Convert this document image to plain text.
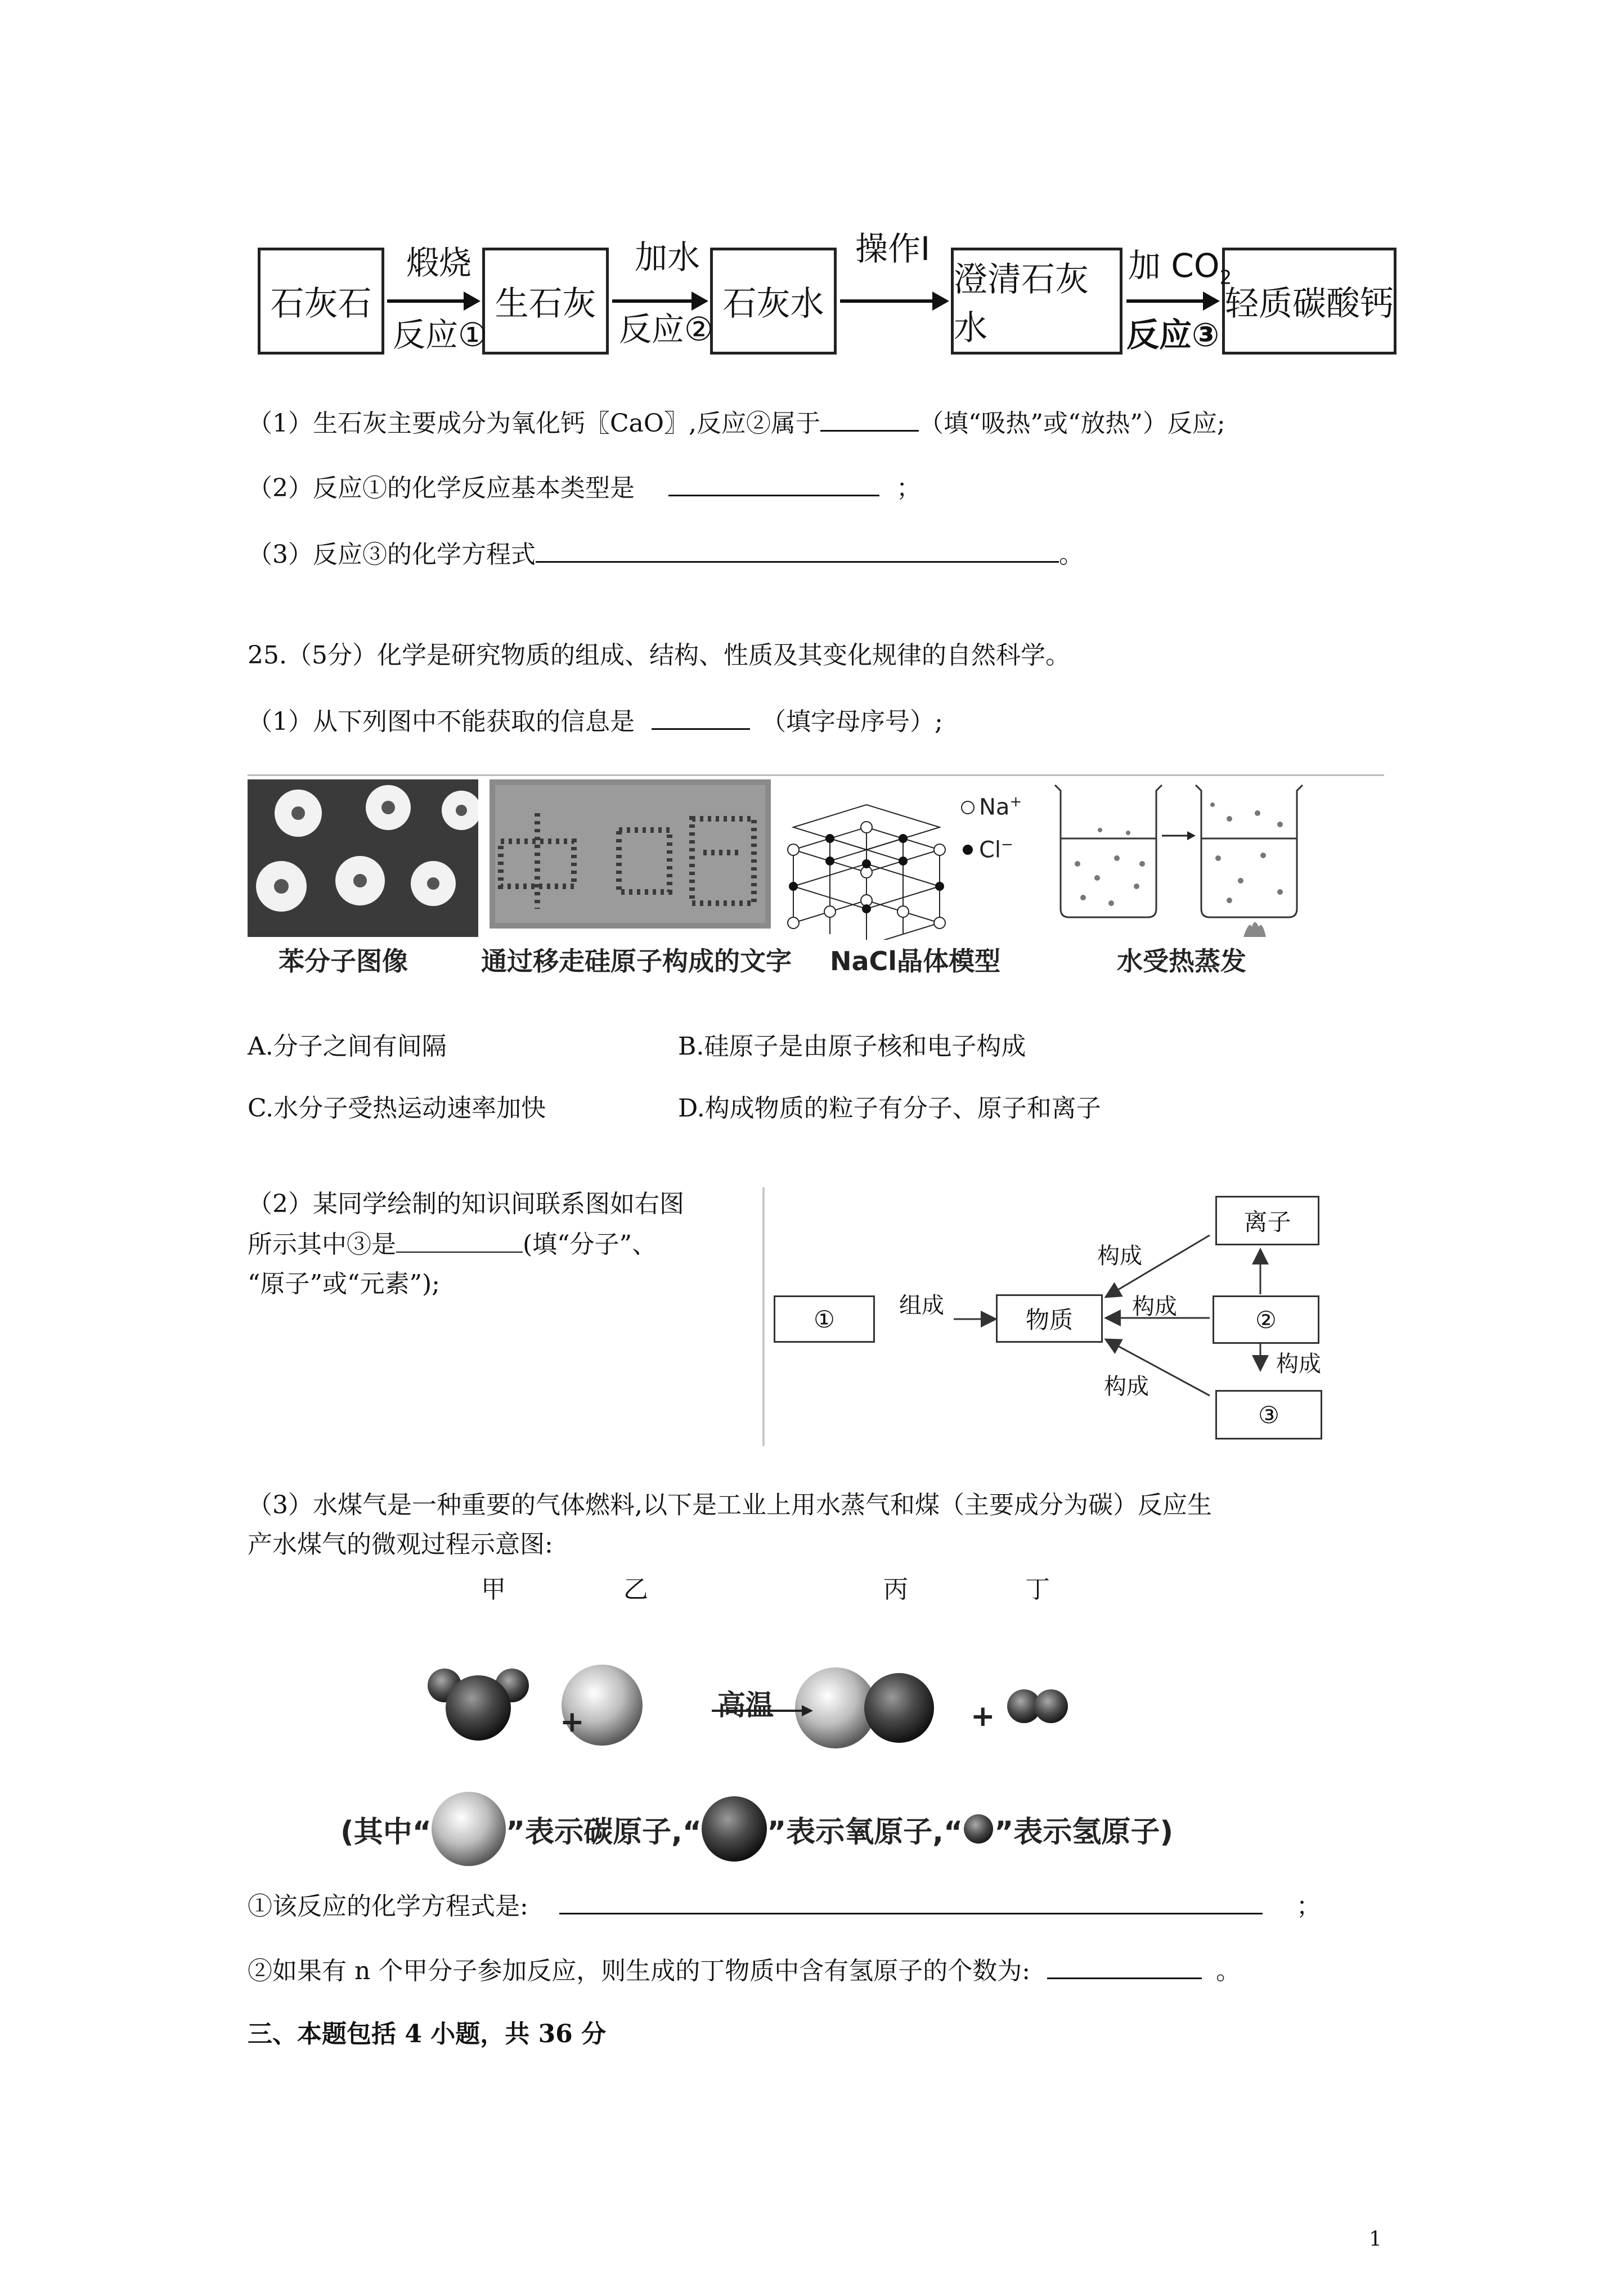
石灰石	生石灰	石灰水
澄清石灰水
轻质碳酸钙
煅烧
反应①
加水
反应②
操作Ⅰ	加 $CO_2$
反应③
（1）生石灰主要成分为氧化钙〖CaO〗,反应②属于	（填“吸热”或“放热”）反应;
（2）反应①的化学反应基本类型是	；
（3）反应③的化学方程式	。
25.（5分）化学是研究物质的组成、结构、性质及其变化规律的自然科学。
（1）从下列图中不能获取的信息是	（填字母序号）;
Na+
Cl−
苯分子图像	通过移走硅原子构成的文字 NaCl晶体模型	水受热蒸发
A.分子之间有间隔	B.硅原子是由原子核和电子构成
C.水分子受热运动速率加快	D.构成物质的粒子有分子、原子和离子
（2）某同学绘制的知识间联系图如右图
所示其中③是	(填“分子”、
“原子”或“元素”);
①	物质
离子
②
③
组成
构成
构成
构成
构成
（3）水煤气是一种重要的气体燃料,以下是工业上用水蒸气和煤（主要成分为碳）反应生
产水煤气的微观过程示意图:
甲	乙	丙	丁
+	+
高温
(其中“	”表示碳原子,“ ”表示氧原子,“ ”表示氢原子)
①该反应的化学方程式是:	；
②如果有 n 个甲分子参加反应，则生成的丁物质中含有氢原子的个数为:	。
三、本题包括 4 小题，共 36 分
1
